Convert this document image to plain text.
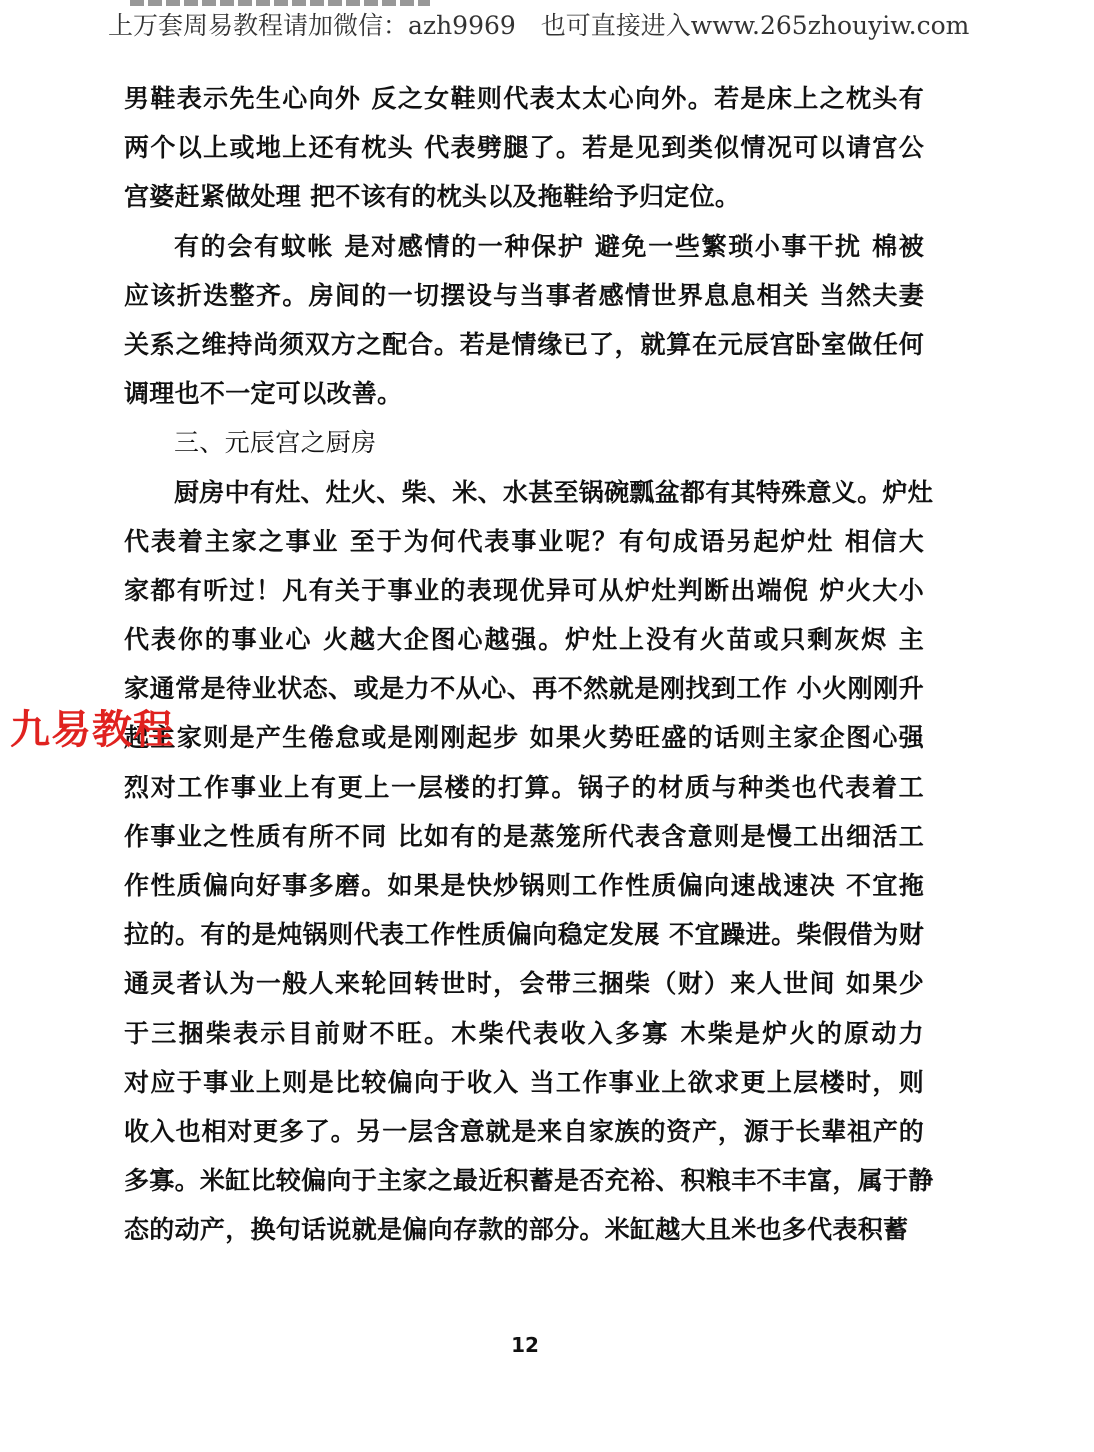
上万套周易教程请加微信：azh9969　也可直接进入www.265zhouyiw.com
男鞋表示先生心向外 反之女鞋则代表太太心向外。若是床上之枕头有
两个以上或地上还有枕头 代表劈腿了。若是见到类似情况可以请宫公
宫婆赶紧做处理 把不该有的枕头以及拖鞋给予归定位。
有的会有蚊帐 是对感情的一种保护 避免一些繁琐小事干扰 棉被
应该折迭整齐。房间的一切摆设与当事者感情世界息息相关 当然夫妻
关系之维持尚须双方之配合。若是情缘已了，就算在元辰宫卧室做任何
调理也不一定可以改善。
三、元辰宫之厨房
厨房中有灶、灶火、柴、米、水甚至锅碗瓢盆都有其特殊意义。炉灶
代表着主家之事业 至于为何代表事业呢？有句成语另起炉灶 相信大
家都有听过！凡有关于事业的表现优异可从炉灶判断出端倪 炉火大小
代表你的事业心 火越大企图心越强。炉灶上没有火苗或只剩灰烬 主
家通常是待业状态、或是力不从心、再不然就是刚找到工作 小火刚刚升
起主家则是产生倦怠或是刚刚起步 如果火势旺盛的话则主家企图心强
烈对工作事业上有更上一层楼的打算。锅子的材质与种类也代表着工
作事业之性质有所不同 比如有的是蒸笼所代表含意则是慢工出细活工
作性质偏向好事多磨。如果是快炒锅则工作性质偏向速战速决 不宜拖
拉的。有的是炖锅则代表工作性质偏向稳定发展 不宜躁进。柴假借为财
通灵者认为一般人来轮回转世时，会带三捆柴（财）来人世间 如果少
于三捆柴表示目前财不旺。木柴代表收入多寡 木柴是炉火的原动力
对应于事业上则是比较偏向于收入 当工作事业上欲求更上层楼时，则
收入也相对更多了。另一层含意就是来自家族的资产，源于长辈祖产的
多寡。米缸比较偏向于主家之最近积蓄是否充裕、积粮丰不丰富，属于静
态的动产，换句话说就是偏向存款的部分。米缸越大且米也多代表积蓄
九易教程
12
